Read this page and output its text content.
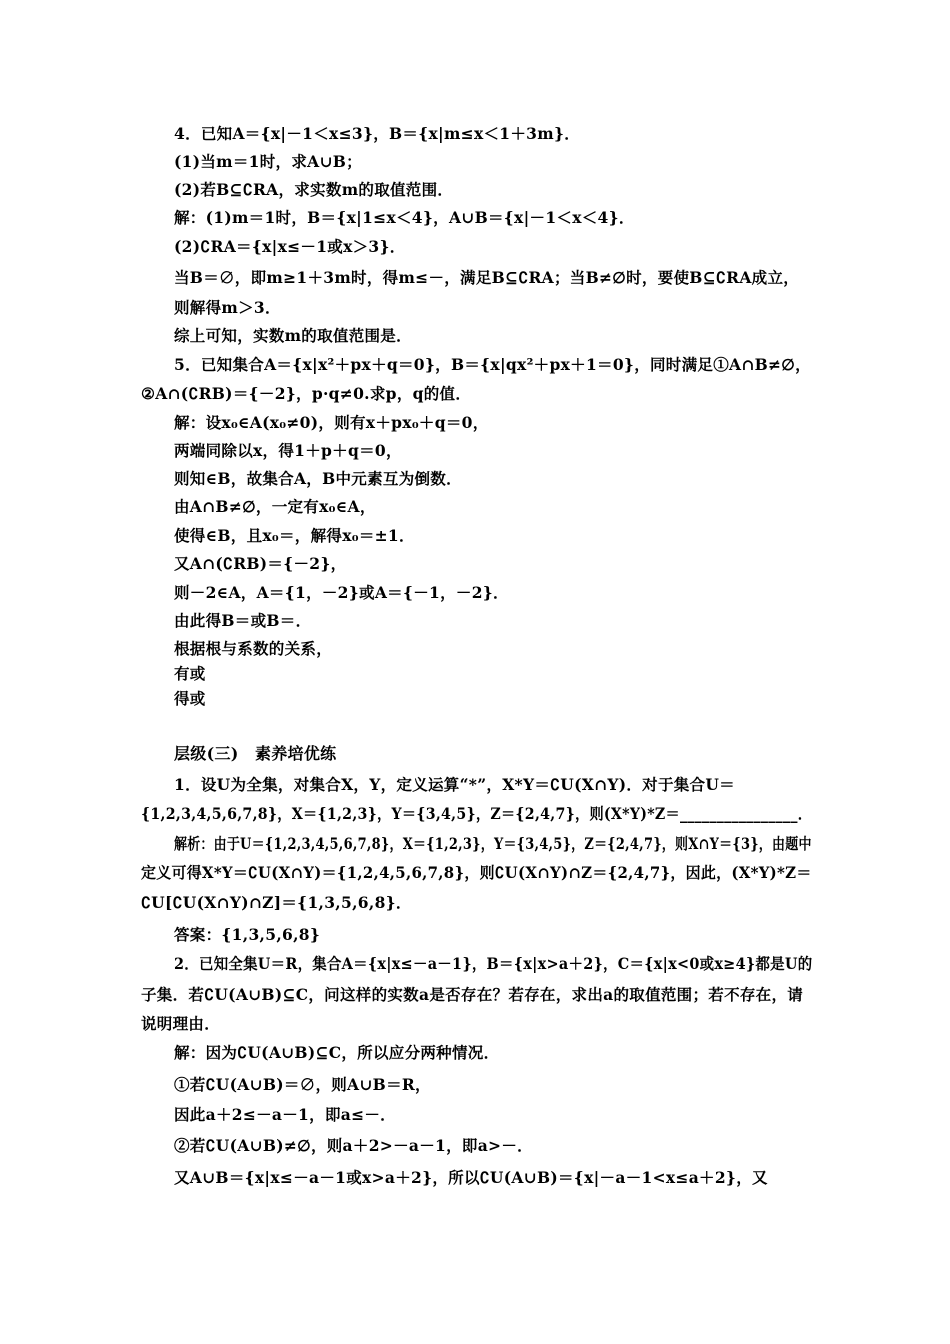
4．已知A＝{x|－1＜x≤3}，B＝{x|m≤x＜1＋3m}．
(1)当m＝1时，求A∪B；
(2)若B⊆∁RA，求实数m的取值范围．
解：(1)m＝1时，B＝{x|1≤x＜4}，A∪B＝{x|－1＜x＜4}．
(2)∁RA＝{x|x≤－1或x＞3}．
当B＝∅，即m≥1＋3m时，得m≤－，满足B⊆∁RA；当B≠∅时，要使B⊆∁RA成立，
则解得m＞3．
综上可知，实数m的取值范围是．
5．已知集合A＝{x|x²＋px＋q＝0}，B＝{x|qx²＋px＋1＝0}，同时满足①A∩B≠∅，
②A∩(∁RB)＝{－2}，p·q≠0.求p，q的值．
解：设x₀∈A(x₀≠0)，则有x＋px₀＋q＝0，
两端同除以x，得1＋p＋q＝0，
则知∈B，故集合A，B中元素互为倒数．
由A∩B≠∅，一定有x₀∈A，
使得∈B，且x₀＝，解得x₀＝±1．
又A∩(∁RB)＝{－2}，
则－2∈A，A＝{1，－2}或A＝{－1，－2}．
由此得B＝或B＝．
根据根与系数的关系，
有或
得或
层级(三)　素养培优练
1．设U为全集，对集合X，Y，定义运算“*”，X*Y＝∁U(X∩Y)．对于集合U＝
{1,2,3,4,5,6,7,8}，X＝{1,2,3}，Y＝{3,4,5}，Z＝{2,4,7}，则(X*Y)*Z＝________________．
解析：由于U＝{1,2,3,4,5,6,7,8}，X＝{1,2,3}，Y＝{3,4,5}，Z＝{2,4,7}，则X∩Y＝{3}，由题中
定义可得X*Y＝∁U(X∩Y)＝{1,2,4,5,6,7,8}，则∁U(X∩Y)∩Z＝{2,4,7}，因此，(X*Y)*Z＝
∁U[∁U(X∩Y)∩Z]＝{1,3,5,6,8}．
答案：{1,3,5,6,8}
2．已知全集U＝R，集合A＝{x|x≤－a－1}，B＝{x|x>a＋2}，C＝{x|x<0或x≥4}都是U的
子集．若∁U(A∪B)⊆C，问这样的实数a是否存在？若存在，求出a的取值范围；若不存在，请
说明理由．
解：因为∁U(A∪B)⊆C，所以应分两种情况．
①若∁U(A∪B)＝∅，则A∪B＝R，
因此a＋2≤－a－1，即a≤－．
②若∁U(A∪B)≠∅，则a＋2>－a－1，即a>－．
又A∪B＝{x|x≤－a－1或x>a＋2}，所以∁U(A∪B)＝{x|－a－1<x≤a＋2}，又
